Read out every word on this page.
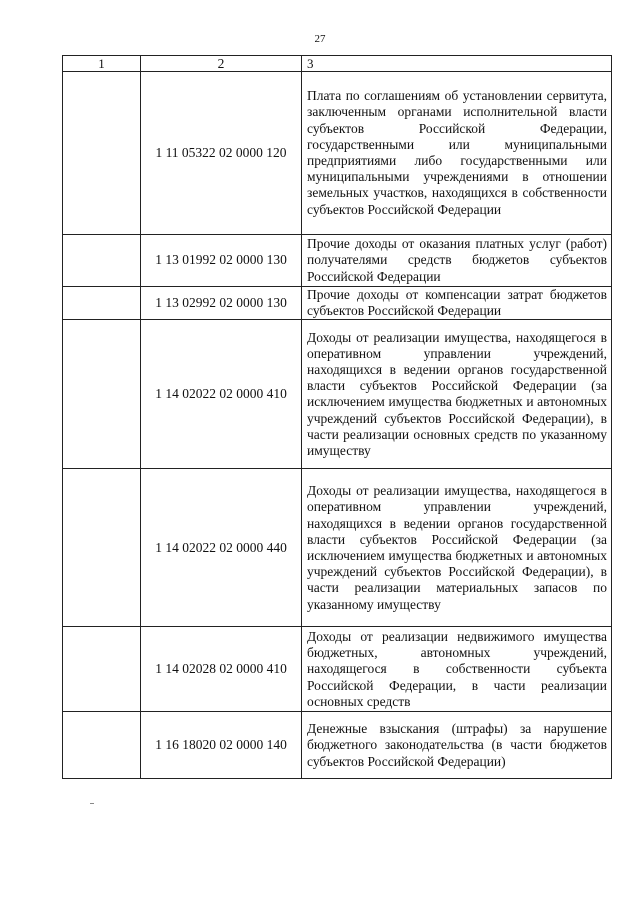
27
1	2	3
	1 11 05322 02 0000 120	Плата по соглашениям об установлении сервитута, заключенным органами исполнительной власти субъектов Российской Федерации, государственными или муниципальными предприятиями либо государственными или муниципальными учреждениями в отношении земельных участков, находящихся в собственности субъектов Российской Федерации
	1 13 01992 02 0000 130	Прочие доходы от оказания платных услуг (работ) получателями средств бюджетов субъектов Российской Федерации
	1 13 02992 02 0000 130	Прочие доходы от компенсации затрат бюджетов субъектов Российской Федерации
	1 14 02022 02 0000 410	Доходы от реализации имущества, находящегося в оперативном управлении учреждений, находящихся в ведении органов государственной власти субъектов Российской Федерации (за исключением имущества бюджетных и автономных учреждений субъектов Российской Федерации), в части реализации основных средств по указанному имуществу
	1 14 02022 02 0000 440	Доходы от реализации имущества, находящегося в оперативном управлении учреждений, находящихся в ведении органов государственной власти субъектов Российской Федерации (за исключением имущества бюджетных и автономных учреждений субъектов Российской Федерации), в части реализации материальных запасов по указанному имуществу
	1 14 02028 02 0000 410	Доходы от реализации недвижимого имущества бюджетных, автономных учреждений, находящегося в собственности субъекта Российской Федерации, в части реализации основных средств
	1 16 18020 02 0000 140	Денежные взыскания (штрафы) за нарушение бюджетного законодательства (в части бюджетов субъектов Российской Федерации)
